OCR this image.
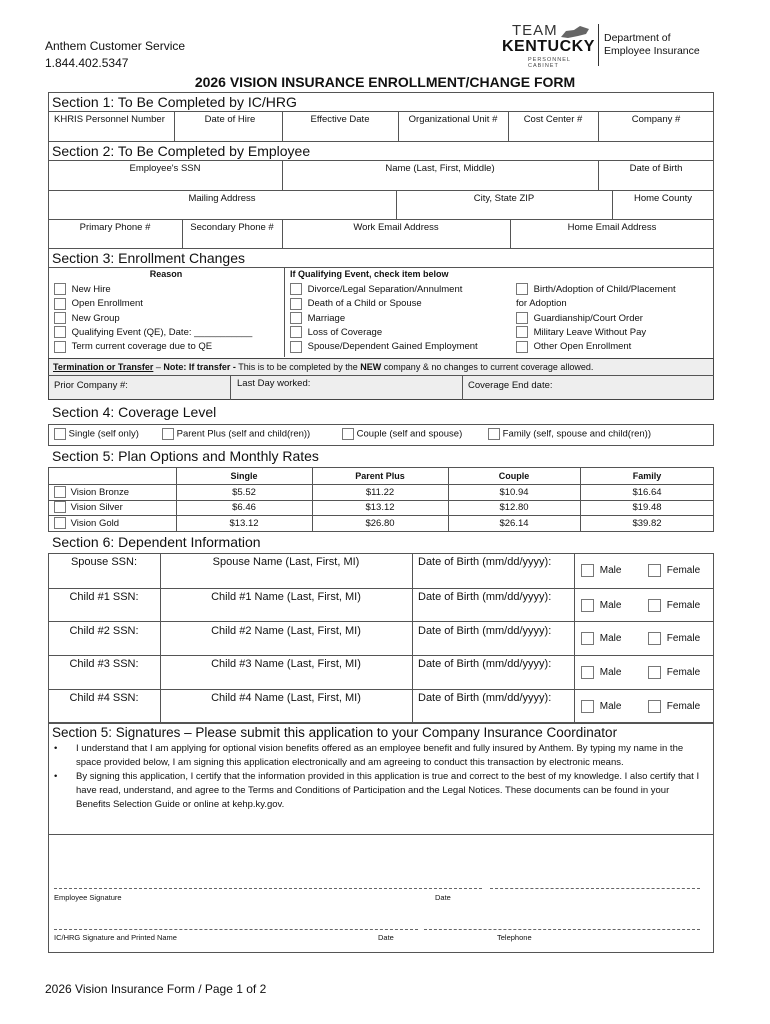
Anthem Customer Service
1.844.402.5347
TEAM
KENTUCKY
PERSONNEL CABINET
Department of
Employee Insurance
2026 VISION INSURANCE ENROLLMENT/CHANGE FORM
Section 1: To Be Completed by IC/HRG
KHRIS Personnel Number	Date of Hire	Effective Date	Organizational Unit #	Cost Center #	Company #
Section 2: To Be Completed by Employee
Employee's SSN	Name (Last, First, Middle)	Date of Birth
Mailing Address	City, State ZIP	Home County
Primary Phone #	Secondary Phone #	Work Email Address	Home Email Address
Section 3: Enrollment Changes
Reason	If Qualifying Event, check item below
New Hire
Open Enrollment
New Group
Qualifying Event (QE), Date: ___________
Term current coverage due to QE
Divorce/Legal Separation/Annulment
Death of a Child or Spouse
Marriage
Loss of Coverage
Spouse/Dependent Gained Employment
Birth/Adoption of Child/Placement
for Adoption
Guardianship/Court Order
Military Leave Without Pay
Other Open Enrollment
Termination or Transfer – Note: If transfer - This is to be completed by the NEW company & no changes to current coverage allowed.
Prior Company #:	Last Day worked:	Coverage End date:
Section 4: Coverage Level
Single (self only)	Parent Plus (self and child(ren))	Couple (self and spouse)	Family (self, spouse and child(ren))
Section 5: Plan Options and Monthly Rates
Single	Parent Plus	Couple	Family
Vision Bronze	$5.52	$11.22	$10.94	$16.64
Vision Silver	$6.46	$13.12	$12.80	$19.48
Vision Gold	$13.12	$26.80	$26.14	$39.82
Section 6: Dependent Information
Spouse SSN:	Spouse Name (Last, First, MI)	Date of Birth (mm/dd/yyyy):
Male	Female
Child #1 SSN:	Child #1 Name (Last, First, MI)	Date of Birth (mm/dd/yyyy):
Male	Female
Child #2 SSN:	Child #2 Name (Last, First, MI)	Date of Birth (mm/dd/yyyy):
Male	Female
Child #3 SSN:	Child #3 Name (Last, First, MI)	Date of Birth (mm/dd/yyyy):
Male	Female
Child #4 SSN:	Child #4 Name (Last, First, MI)	Date of Birth (mm/dd/yyyy):
Male	Female
Section 5: Signatures – Please submit this application to your Company Insurance Coordinator
• I understand that I am applying for optional vision benefits offered as an employee benefit and fully insured by Anthem. By typing my name in the space provided below, I am signing this application electronically and am agreeing to conduct this transaction by electronic means.
• By signing this application, I certify that the information provided in this application is true and correct to the best of my knowledge. I also certify that I have read, understand, and agree to the Terms and Conditions of Participation and the Legal Notices. These documents can be found in your Benefits Selection Guide or online at kehp.ky.gov.
Employee Signature	Date
IC/HRG Signature and Printed Name	Date	Telephone
2026 Vision Insurance Form / Page 1 of 2
